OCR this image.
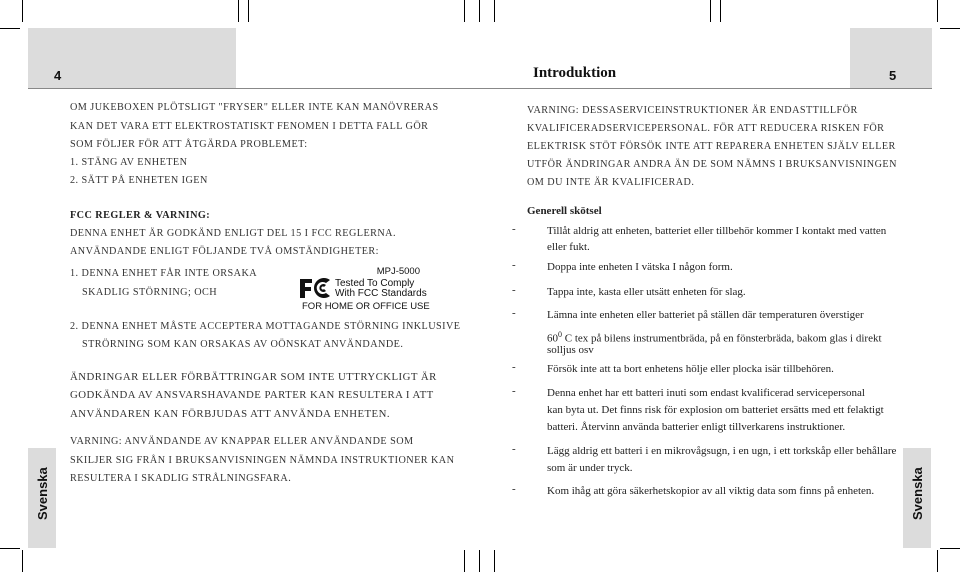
4	5
Introduktion
Svenska	Svenska
OM JUKEBOXEN PLÖTSLIGT "FRYSER" ELLER INTE KAN MANÖVRERAS
KAN DET VARA ETT ELEKTROSTATISKT FENOMEN I DETTA FALL GÖR
SOM FÖLJER FÖR ATT ÅTGÄRDA PROBLEMET:
1. STÄNG AV ENHETEN
2. SÄTT PÅ ENHETEN IGEN
FCC REGLER & VARNING:
DENNA ENHET ÄR GODKÄND ENLIGT DEL 15 I FCC REGLERNA.
ANVÄNDANDE ENLIGT FÖLJANDE TVÅ OMSTÄNDIGHETER:
1. DENNA ENHET FÅR INTE ORSAKA
SKADLIG STÖRNING; OCH
MPJ-5000
Tested To Comply
With FCC Standards
FOR HOME OR OFFICE USE
2. DENNA ENHET MÅSTE ACCEPTERA MOTTAGANDE STÖRNING INKLUSIVE
STRÖRNING SOM KAN ORSAKAS AV OÖNSKAT ANVÄNDANDE.
ÄNDRINGAR ELLER FÖRBÄTTRINGAR SOM INTE UTTRYCKLIGT ÄR
GODKÄNDA AV ANSVARSHAVANDE PARTER KAN RESULTERA I ATT
ANVÄNDAREN KAN FÖRBJUDAS ATT ANVÄNDA ENHETEN.
VARNING: ANVÄNDANDE AV KNAPPAR ELLER ANVÄNDANDE SOM
SKILJER SIG FRÅN I BRUKSANVISNINGEN NÄMNDA INSTRUKTIONER KAN
RESULTERA I SKADLIG STRÅLNINGSFARA.
VARNING: DESSASERVICEINSTRUKTIONER ÄR ENDASTTILLFÖR
KVALIFICERADSERVICEPERSONAL. FÖR ATT REDUCERA RISKEN FÖR
ELEKTRISK STÖT FÖRSÖK INTE ATT REPARERA ENHETEN SJÄLV ELLER
UTFÖR ÄNDRINGAR ANDRA ÄN DE SOM NÄMNS I BRUKSANVISNINGEN
OM DU INTE ÄR KVALIFICERAD.
Generell skötsel
-	Tillåt aldrig att enheten, batteriet eller tillbehör kommer I kontakt med vatten
eller fukt.
-	Doppa inte enheten I vätska I någon form.
-	Tappa inte, kasta eller utsätt enheten för slag.
-	Lämna inte enheten eller batteriet på ställen där temperaturen överstiger
$60^0$ C tex på bilens instrumentbräda, på en fönsterbräda, bakom glas i direkt
solljus osv
-	Försök inte att ta bort enhetens hölje eller plocka isär tillbehören.
-	Denna enhet har ett batteri inuti som endast kvalificerad servicepersonal
kan byta ut. Det finns risk för explosion om batteriet ersätts med ett felaktigt
batteri. Återvinn använda batterier enligt tillverkarens instruktioner.
-	Lägg aldrig ett batteri i en mikrovågsugn, i en ugn, i ett torkskåp eller behållare
som är under tryck.
-	Kom ihåg att göra säkerhetskopior av all viktig data som finns på enheten.
